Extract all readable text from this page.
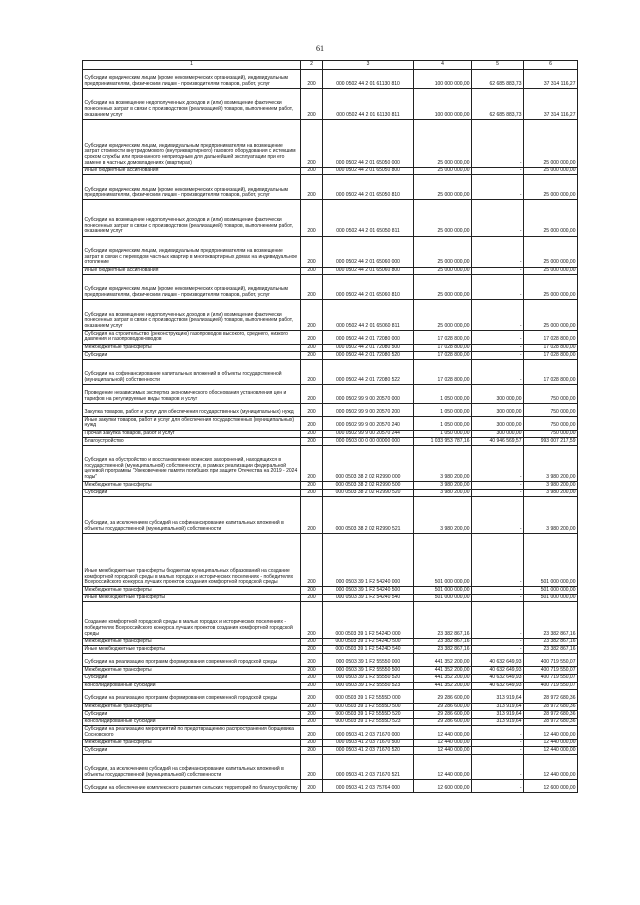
61
1	2	3	4	5	6
Субсидии юридическим лицам (кроме некоммерческих организаций), индивидуальным предпринимателям, физическим лицам - производителям товаров, работ, услуг	200	000 0502 44 2 01 61130 810	100 000 000,00	62 685 883,73	37 314 116,27
Субсидии на возмещение недополученных доходов и (или) возмещение фактически понесенных затрат в связи с производством (реализацией) товаров, выполнением работ, оказанием услуг	200	000 0502 44 2 01 61130 811	100 000 000,00	62 685 883,73	37 314 116,27
Субсидии юридическим лицам, индивидуальным предпринимателям на возмещение затрат стоимости внутридомового (внутриквартирного) газового оборудования с истекшим сроком службы или признанного непригодным для дальнейшей эксплуатации при его замене в частных домовладениях (квартирах)	200	000 0502 44 2 01 65050 000	25 000 000,00	-	25 000 000,00
Иные бюджетные ассигнования	200	000 0502 44 2 01 65050 800	25 000 000,00	-	25 000 000,00
Субсидии юридическим лицам (кроме некоммерческих организаций), индивидуальным предпринимателям, физическим лицам - производителям товаров, работ, услуг	200	000 0502 44 2 01 65050 810	25 000 000,00	-	25 000 000,00
Субсидии на возмещение недополученных доходов и (или) возмещение фактически понесенных затрат в связи с производством (реализацией) товаров, выполнением работ, оказанием услуг	200	000 0502 44 2 01 65050 811	25 000 000,00	-	25 000 000,00
Субсидии юридическим лицам, индивидуальным предпринимателям на возмещение затрат в связи с переводом частных квартир в многоквартирных домах на индивидуальное отопление	200	000 0502 44 2 01 65060 000	25 000 000,00	-	25 000 000,00
Иные бюджетные ассигнования	200	000 0502 44 2 01 65060 800	25 000 000,00	-	25 000 000,00
Субсидии юридическим лицам (кроме некоммерческих организаций), индивидуальным предпринимателям, физическим лицам - производителям товаров, работ, услуг	200	000 0502 44 2 01 65060 810	25 000 000,00	-	25 000 000,00
Субсидии на возмещение недополученных доходов и (или) возмещение фактически понесенных затрат в связи с производством (реализацией) товаров, выполнением работ, оказанием услуг	200	000 0502 44 2 01 65060 811	25 000 000,00	-	25 000 000,00
Субсидия на строительство (реконструкцию) газопроводов высокого, среднего, низкого давления и газопроводов-вводов	200	000 0502 44 2 01 72080 000	17 028 800,00	-	17 028 800,00
Межбюджетные трансферты	200	000 0502 44 2 01 72080 500	17 028 800,00	-	17 028 800,00
Субсидии	200	000 0502 44 2 01 72080 520	17 028 800,00	-	17 028 800,00
Субсидии на софинансирование капитальных вложений в объекты государственной (муниципальной) собственности	200	000 0502 44 2 01 72080 522	17 028 800,00	-	17 028 800,00
Проведение независимых экспертиз экономического обоснования установления цен и тарифов на регулируемые виды товаров и услуг	200	000 0502 99 9 00 20570 000	1 050 000,00	300 000,00	750 000,00
Закупка товаров, работ и услуг для обеспечения государственных (муниципальных) нужд	200	000 0502 99 9 00 20570 200	1 050 000,00	300 000,00	750 000,00
Иные закупки товаров, работ и услуг для обеспечения государственных (муниципальных) нужд	200	000 0502 99 9 00 20570 240	1 050 000,00	300 000,00	750 000,00
Прочая закупка товаров, работ и услуг	200	000 0502 99 9 00 20570 244	1 050 000,00	300 000,00	750 000,00
Благоустройство	200	000 0503 00 0 00 00000 000	1 033 953 787,16	40 946 569,57	993 007 217,59
Субсидия на обустройство и восстановление воинских захоронений, находящихся в государственной (муниципальной) собственности, в рамках реализации федеральной целевой программы "Увековечение памяти погибших при защите Отечества на 2019 - 2024 годы"	200	000 0503 38 2 02 R2990 000	3 980 200,00	-	3 980 200,00
Межбюджетные трансферты	200	000 0503 38 2 02 R2990 500	3 980 200,00	-	3 980 200,00
Субсидии	200	000 0503 38 2 02 R2990 520	3 980 200,00	-	3 980 200,00
Субсидии, за исключением субсидий на софинансирование капитальных вложений в объекты государственной (муниципальной) собственности	200	000 0503 38 2 02 R2990 521	3 980 200,00	-	3 980 200,00
Иные межбюджетные трансферты бюджетам муниципальных образований на создание комфортной городской среды в малых городах и исторических поселениях - победителях Всероссийского конкурса лучших проектов создания комфортной городской среды	200	000 0503 39 1 F2 54240 000	501 000 000,00	-	501 000 000,00
Межбюджетные трансферты	200	000 0503 39 1 F2 54240 500	501 000 000,00	-	501 000 000,00
Иные межбюджетные трансферты	200	000 0503 39 1 F2 54240 540	501 000 000,00	-	501 000 000,00
Создание комфортной городской среды в малых городах и исторических поселениях - победителях Всероссийского конкурса лучших проектов создания комфортной городской среды	200	000 0503 39 1 F2 5424D 000	23 382 867,16	-	23 382 867,16
Межбюджетные трансферты	200	000 0503 39 1 F2 5424D 500	23 382 867,16	-	23 382 867,16
Иные межбюджетные трансферты	200	000 0503 39 1 F2 5424D 540	23 382 867,16	-	23 382 867,16
Субсидии на реализацию программ формирования современной городской среды	200	000 0503 39 1 F2 55550 000	441 352 200,00	40 632 649,93	400 719 550,07
Межбюджетные трансферты	200	000 0503 39 1 F2 55550 500	441 352 200,00	40 632 649,93	400 719 550,07
Субсидии	200	000 0503 39 1 F2 55550 520	441 352 200,00	40 632 649,93	400 719 550,07
Консолидированные субсидии	200	000 0503 39 1 F2 55550 523	441 352 200,00	40 632 649,93	400 719 550,07
Субсидии на реализацию программ формирования современной городской среды	200	000 0503 39 1 F2 5555D 000	29 286 600,00	313 919,64	28 972 680,36
Межбюджетные трансферты	200	000 0503 39 1 F2 5555D 500	29 286 600,00	313 919,64	28 972 680,36
Субсидии	200	000 0503 39 1 F2 5555D 520	29 286 600,00	313 919,64	28 972 680,36
Консолидированные субсидии	200	000 0503 39 1 F2 5555D 523	29 286 600,00	313 919,64	28 972 680,36
Субсидии на реализацию мероприятий по предотвращению распространения борщевика Сосновского	200	000 0503 41 2 03 71670 000	12 440 000,00	-	12 440 000,00
Межбюджетные трансферты	200	000 0503 41 2 03 71670 500	12 440 000,00	-	12 440 000,00
Субсидии	200	000 0503 41 2 03 71670 520	12 440 000,00	-	12 440 000,00
Субсидии, за исключением субсидий на софинансирование капитальных вложений в объекты государственной (муниципальной) собственности	200	000 0503 41 2 03 71670 521	12 440 000,00	-	12 440 000,00
Субсидии на обеспечение комплексного развития сельских территорий по благоустройству	200	000 0503 41 2 03 75764 000	12 600 000,00	-	12 600 000,00
